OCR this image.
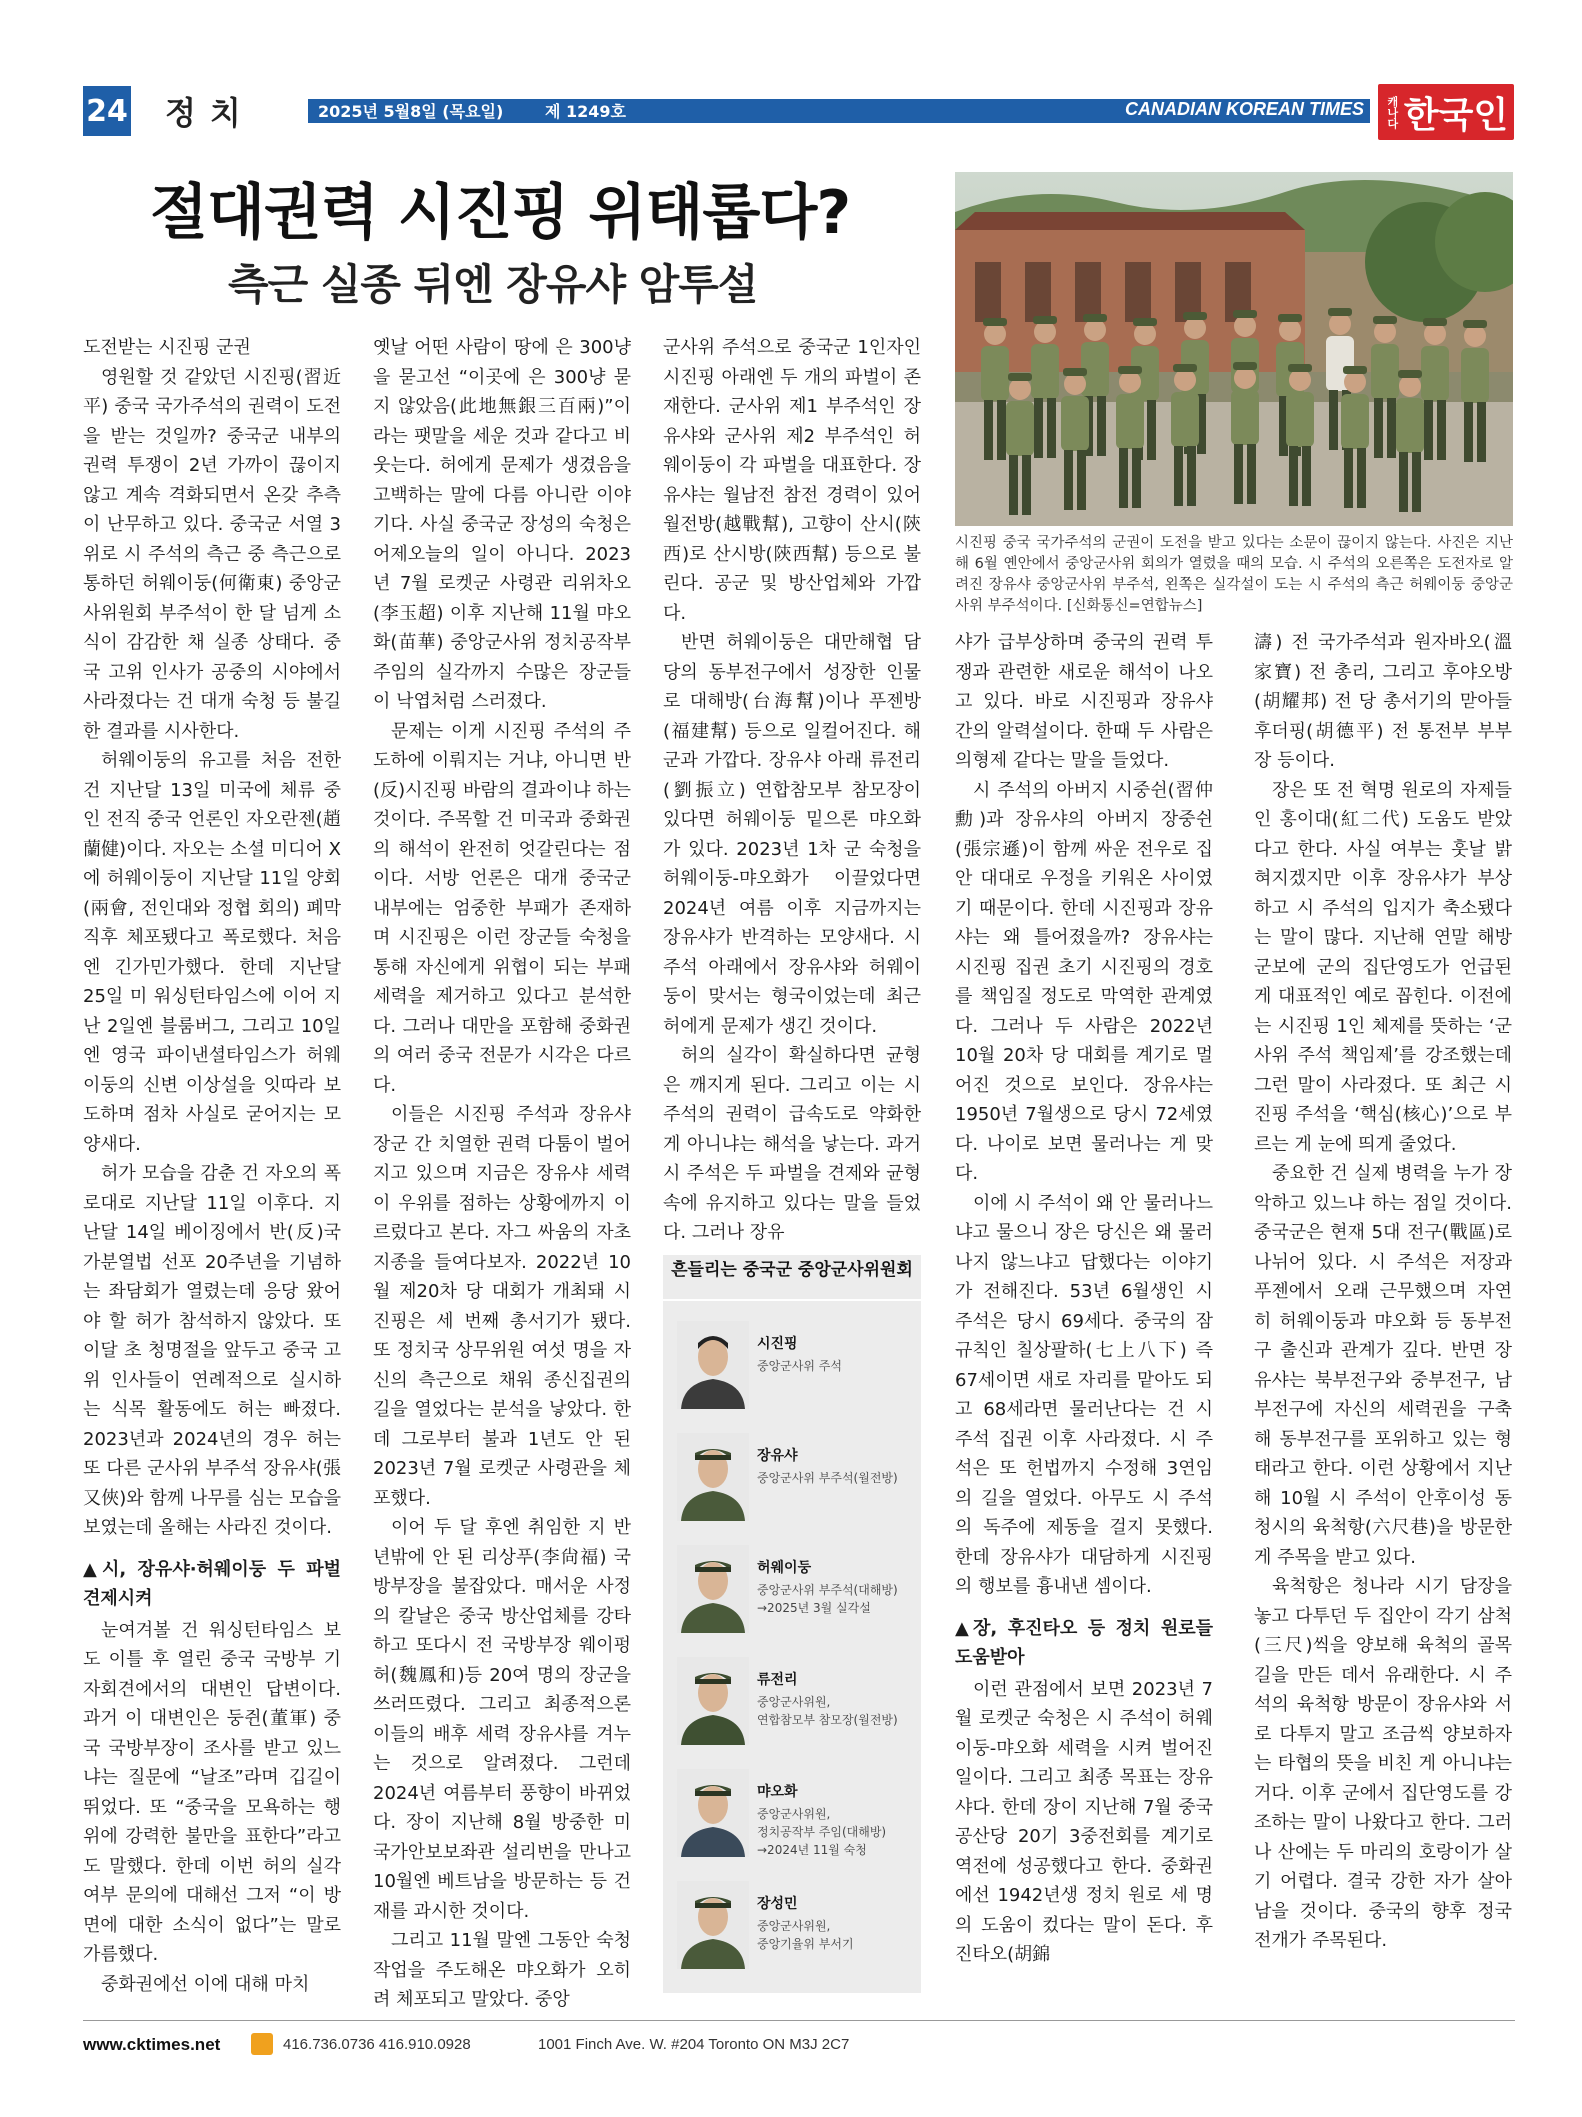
24 정치	2025년 5월8일 (목요일)	제 1249호	CANADIAN KOREAN TIMES 캐나다 한국인
절대권력 시진핑 위태롭다?
측근 실종 뒤엔 장유샤 암투설
시진핑 중국 국가주석의 군권이 도전을 받고 있다는 소문이 끊이지 않는다. 사진은 지난해 6월 옌안에서 중앙군사위 회의가 열렸을 때의 모습. 시 주석의 오른쪽은 도전자로 알려진 장유샤 중앙군사위 부주석, 왼쪽은 실각설이 도는 시 주석의 측근 허웨이둥 중앙군사위 부주석이다. [신화통신=연합뉴스]

도전받는 시진핑 군권

영원할 것 같았던 시진핑(習近平) 중국 국가주석의 권력이 도전을 받는 것일까? 중국군 내부의 권력 투쟁이 2년 가까이 끊이지 않고 계속 격화되면서 온갖 추측이 난무하고 있다. 중국군 서열 3위로 시 주석의 측근 중 측근으로 통하던 허웨이둥(何衛東) 중앙군사위원회 부주석이 한 달 넘게 소식이 감감한 채 실종 상태다. 중국 고위 인사가 공중의 시야에서 사라졌다는 건 대개 숙청 등 불길한 결과를 시사한다.

허웨이둥의 유고를 처음 전한 건 지난달 13일 미국에 체류 중인 전직 중국 언론인 자오란젠(趙蘭健)이다. 자오는 소셜 미디어 X에 허웨이둥이 지난달 11일 양회(兩會, 전인대와 정협 회의) 폐막 직후 체포됐다고 폭로했다. 처음엔 긴가민가했다. 한데 지난달 25일 미 워싱턴타임스에 이어 지난 2일엔 블룸버그, 그리고 10일엔 영국 파이낸셜타임스가 허웨이둥의 신변 이상설을 잇따라 보도하며 점차 사실로 굳어지는 모양새다.

허가 모습을 감춘 건 자오의 폭로대로 지난달 11일 이후다. 지난달 14일 베이징에서 반(反)국가분열법 선포 20주년을 기념하는 좌담회가 열렸는데 응당 왔어야 할 허가 참석하지 않았다. 또 이달 초 청명절을 앞두고 중국 고위 인사들이 연례적으로 실시하는 식목 활동에도 허는 빠졌다. 2023년과 2024년의 경우 허는 또 다른 군사위 부주석 장유샤(張又俠)와 함께 나무를 심는 모습을 보였는데 올해는 사라진 것이다.

▲시, 장유샤·허웨이둥 두 파벌 견제시켜

눈여겨볼 건 워싱턴타임스 보도 이틀 후 열린 중국 국방부 기자회견에서의 대변인 답변이다. 과거 이 대변인은 둥쥔(董軍) 중국 국방부장이 조사를 받고 있느냐는 질문에 “날조”라며 깁길이 뛰었다. 또 “중국을 모욕하는 행위에 강력한 불만을 표한다”라고도 말했다. 한데 이번 허의 실각 여부 문의에 대해선 그저 “이 방면에 대한 소식이 없다”는 말로 가름했다.

중화권에선 이에 대해 마치

옛날 어떤 사람이 땅에 은 300냥을 묻고선 “이곳에 은 300냥 묻지 않았음(此地無銀三百兩)”이라는 팻말을 세운 것과 같다고 비웃는다. 허에게 문제가 생겼음을 고백하는 말에 다름 아니란 이야기다. 사실 중국군 장성의 숙청은 어제오늘의 일이 아니다. 2023년 7월 로켓군 사령관 리위차오(李玉超) 이후 지난해 11월 먀오화(苗華) 중앙군사위 정치공작부 주임의 실각까지 수많은 장군들이 낙엽처럼 스러졌다.

문제는 이게 시진핑 주석의 주도하에 이뤄지는 거냐, 아니면 반(反)시진핑 바람의 결과이냐 하는 것이다. 주목할 건 미국과 중화권의 해석이 완전히 엇갈린다는 점이다. 서방 언론은 대개 중국군 내부에는 엄중한 부패가 존재하며 시진핑은 이런 장군들 숙청을 통해 자신에게 위협이 되는 부패 세력을 제거하고 있다고 분석한다. 그러나 대만을 포함해 중화권의 여러 중국 전문가 시각은 다르다.

이들은 시진핑 주석과 장유샤 장군 간 치열한 권력 다툼이 벌어지고 있으며 지금은 장유샤 세력이 우위를 점하는 상황에까지 이르렀다고 본다. 자그 싸움의 자초지종을 들여다보자. 2022년 10월 제20차 당 대회가 개최돼 시진핑은 세 번째 총서기가 됐다. 또 정치국 상무위원 여섯 명을 자신의 측근으로 채워 종신집권의 길을 열었다는 분석을 낳았다. 한데 그로부터 불과 1년도 안 된 2023년 7월 로켓군 사령관을 체포했다.

이어 두 달 후엔 취임한 지 반년밖에 안 된 리상푸(李尙福) 국방부장을 불잡았다. 매서운 사정의 칼날은 중국 방산업체를 강타하고 또다시 전 국방부장 웨이펑허(魏鳳和)등 20여 명의 장군을 쓰러뜨렸다. 그리고 최종적으론 이들의 배후 세력 장유샤를 겨누는 것으로 알려졌다. 그런데 2024년 여름부터 풍향이 바뀌었다. 장이 지난해 8월 방중한 미 국가안보보좌관 설리번을 만나고 10월엔 베트남을 방문하는 등 건재를 과시한 것이다.

그리고 11월 말엔 그동안 숙청 작업을 주도해온 먀오화가 오히려 체포되고 말았다. 중앙

군사위 주석으로 중국군 1인자인 시진핑 아래엔 두 개의 파벌이 존재한다. 군사위 제1 부주석인 장유샤와 군사위 제2 부주석인 허웨이둥이 각 파벌을 대표한다. 장유샤는 월남전 참전 경력이 있어 월전방(越戰幫), 고향이 산시(陝西)로 산시방(陝西幫) 등으로 불린다. 공군 및 방산업체와 가깝다.

반면 허웨이둥은 대만해협 담당의 동부전구에서 성장한 인물로 대해방(台海幫)이나 푸젠방(福建幫) 등으로 일컬어진다. 해군과 가깝다. 장유샤 아래 류전리(劉振立) 연합참모부 참모장이 있다면 허웨이둥 밑으론 먀오화가 있다. 2023년 1차 군 숙청을 허웨이둥-먀오화가 이끌었다면 2024년 여름 이후 지금까지는 장유샤가 반격하는 모양새다. 시 주석 아래에서 장유샤와 허웨이둥이 맞서는 형국이었는데 최근 허에게 문제가 생긴 것이다.

허의 실각이 확실하다면 균형은 깨지게 된다. 그리고 이는 시 주석의 권력이 급속도로 약화한 게 아니냐는 해석을 낳는다. 과거 시 주석은 두 파벌을 견제와 균형 속에 유지하고 있다는 말을 들었다. 그러나 장유

샤가 급부상하며 중국의 권력 투쟁과 관련한 새로운 해석이 나오고 있다. 바로 시진핑과 장유샤 간의 알력설이다. 한때 두 사람은 의형제 같다는 말을 들었다.

시 주석의 아버지 시중쉰(習仲勳)과 장유샤의 아버지 장중쉰(張宗遜)이 함께 싸운 전우로 집안 대대로 우정을 키워온 사이였기 때문이다. 한데 시진핑과 장유샤는 왜 틀어졌을까? 장유샤는 시진핑 집권 초기 시진핑의 경호를 책임질 정도로 막역한 관계였다. 그러나 두 사람은 2022년 10월 20차 당 대회를 계기로 멀어진 것으로 보인다. 장유샤는 1950년 7월생으로 당시 72세였다. 나이로 보면 물러나는 게 맞다.

이에 시 주석이 왜 안 물러나느냐고 물으니 장은 당신은 왜 물러나지 않느냐고 답했다는 이야기가 전해진다. 53년 6월생인 시 주석은 당시 69세다. 중국의 잠규칙인 칠상팔하(七上八下) 즉 67세이면 새로 자리를 맡아도 되고 68세라면 물러난다는 건 시 주석 집권 이후 사라졌다. 시 주석은 또 헌법까지 수정해 3연임의 길을 열었다. 아무도 시 주석의 독주에 제동을 걸지 못했다. 한데 장유샤가 대담하게 시진핑의 행보를 흉내낸 셈이다.

▲장, 후진타오 등 정치 원로들 도움받아

이런 관점에서 보면 2023년 7월 로켓군 숙청은 시 주석이 허웨이둥-먀오화 세력을 시켜 벌어진 일이다. 그리고 최종 목표는 장유샤다. 한데 장이 지난해 7월 중국 공산당 20기 3중전회를 계기로 역전에 성공했다고 한다. 중화권에선 1942년생 정치 원로 세 명의 도움이 컸다는 말이 돈다. 후진타오(胡錦

濤) 전 국가주석과 원자바오(溫家寶) 전 총리, 그리고 후야오방(胡耀邦) 전 당 총서기의 맏아들 후더핑(胡德平) 전 통전부 부부장 등이다.

장은 또 전 혁명 원로의 자제들인 홍이대(紅二代) 도움도 받았다고 한다. 사실 여부는 훗날 밝혀지겠지만 이후 장유샤가 부상하고 시 주석의 입지가 축소됐다는 말이 많다. 지난해 연말 해방군보에 군의 집단영도가 언급된 게 대표적인 예로 꼽힌다. 이전에는 시진핑 1인 체제를 뜻하는 ‘군사위 주석 책임제’를 강조했는데 그런 말이 사라졌다. 또 최근 시진핑 주석을 ‘핵심(核心)’으로 부르는 게 눈에 띄게 줄었다.

중요한 건 실제 병력을 누가 장악하고 있느냐 하는 점일 것이다. 중국군은 현재 5대 전구(戰區)로 나뉘어 있다. 시 주석은 저장과 푸젠에서 오래 근무했으며 자연히 허웨이둥과 먀오화 등 동부전구 출신과 관계가 깊다. 반면 장유샤는 북부전구와 중부전구, 남부전구에 자신의 세력권을 구축해 동부전구를 포위하고 있는 형태라고 한다. 이런 상황에서 지난해 10월 시 주석이 안후이성 동청시의 육척항(六尺巷)을 방문한 게 주목을 받고 있다.

육척항은 청나라 시기 담장을 놓고 다투던 두 집안이 각기 삼척(三尺)씩을 양보해 육척의 골목길을 만든 데서 유래한다. 시 주석의 육척항 방문이 장유샤와 서로 다투지 말고 조금씩 양보하자는 타협의 뜻을 비친 게 아니냐는 거다. 이후 군에서 집단영도를 강조하는 말이 나왔다고 한다. 그러나 산에는 두 마리의 호랑이가 살기 어렵다. 결국 강한 자가 살아남을 것이다. 중국의 향후 정국 전개가 주목된다.

흔들리는 중국군 중앙군사위원회
시진핑
중앙군사위 주석
장유샤
중앙군사위 부주석(월전방)
허웨이둥
중앙군사위 부주석(대해방)
→2025년 3월 실각설
류전리
중앙군사위원,
연합참모부 참모장(월전방)
먀오화
중앙군사위원,
정치공작부 주임(대해방)
→2024년 11월 숙청
장성민
중앙군사위원,
중앙기율위 부서기
www.cktimes.net	416.736.0736 416.910.0928	1001 Finch Ave. W. #204 Toronto ON M3J 2C7
